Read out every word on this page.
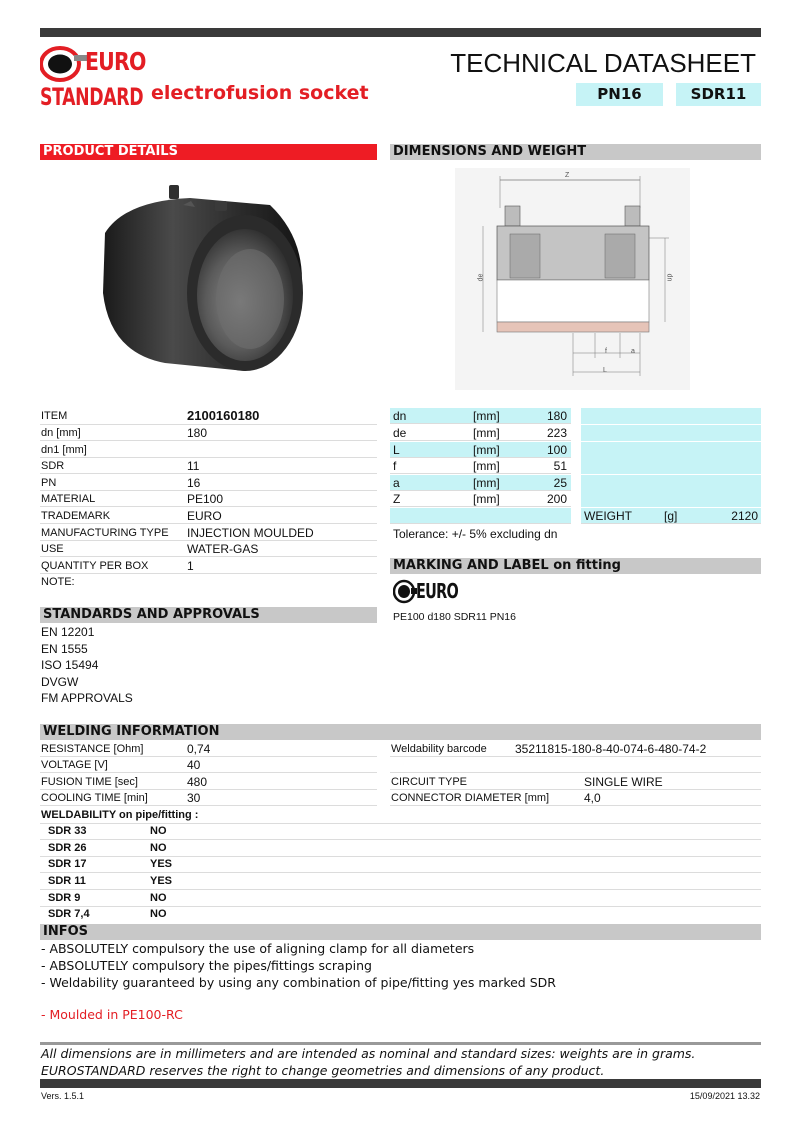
EURO
STANDARD electrofusion socket
TECHNICAL DATASHEET
PN16	SDR11
PRODUCT DETAILS	DIMENSIONS AND WEIGHT
Z
de	dn
f	a
L
ITEM	2100160180
dn [mm]	180
dn1 [mm]
SDR	11
PN	16
MATERIAL	PE100
TRADEMARK	EURO
MANUFACTURING TYPE INJECTION MOULDED
USE	WATER-GAS
QUANTITY PER BOX	1
NOTE:
dn	[mm]	180
de	[mm]	223
L	[mm]	100
f	[mm]	51
a	[mm]	25
Z	[mm]	200
WEIGHT	[g]	2120
Tolerance: +/- 5% excluding dn
MARKING AND LABEL on fitting
EURO
PE100 d180 SDR11 PN16
STANDARDS AND APPROVALS
EN 12201
EN 1555
ISO 15494
DVGW
FM APPROVALS
WELDING INFORMATION
RESISTANCE [Ohm]	0,74
VOLTAGE [V]	40
FUSION TIME [sec]	480
COOLING TIME [min]	30
Weldability barcode 35211815-180-8-40-074-6-480-74-2
CIRCUIT TYPE	SINGLE WIRE
CONNECTOR DIAMETER [mm]	4,0
WELDABILITY on pipe/fitting :
SDR 33	NO
SDR 26	NO
SDR 17	YES
SDR 11	YES
SDR 9	NO
SDR 7,4	NO
INFOS
- ABSOLUTELY compulsory the use of aligning clamp for all diameters
- ABSOLUTELY compulsory the pipes/fittings scraping
- Weldability guaranteed by using any combination of pipe/fitting yes marked SDR
- Moulded in PE100-RC
All dimensions are in millimeters and are intended as nominal and standard sizes: weights are in grams.
EUROSTANDARD reserves the right to change geometries and dimensions of any product.
Vers. 1.5.1	15/09/2021 13.32
